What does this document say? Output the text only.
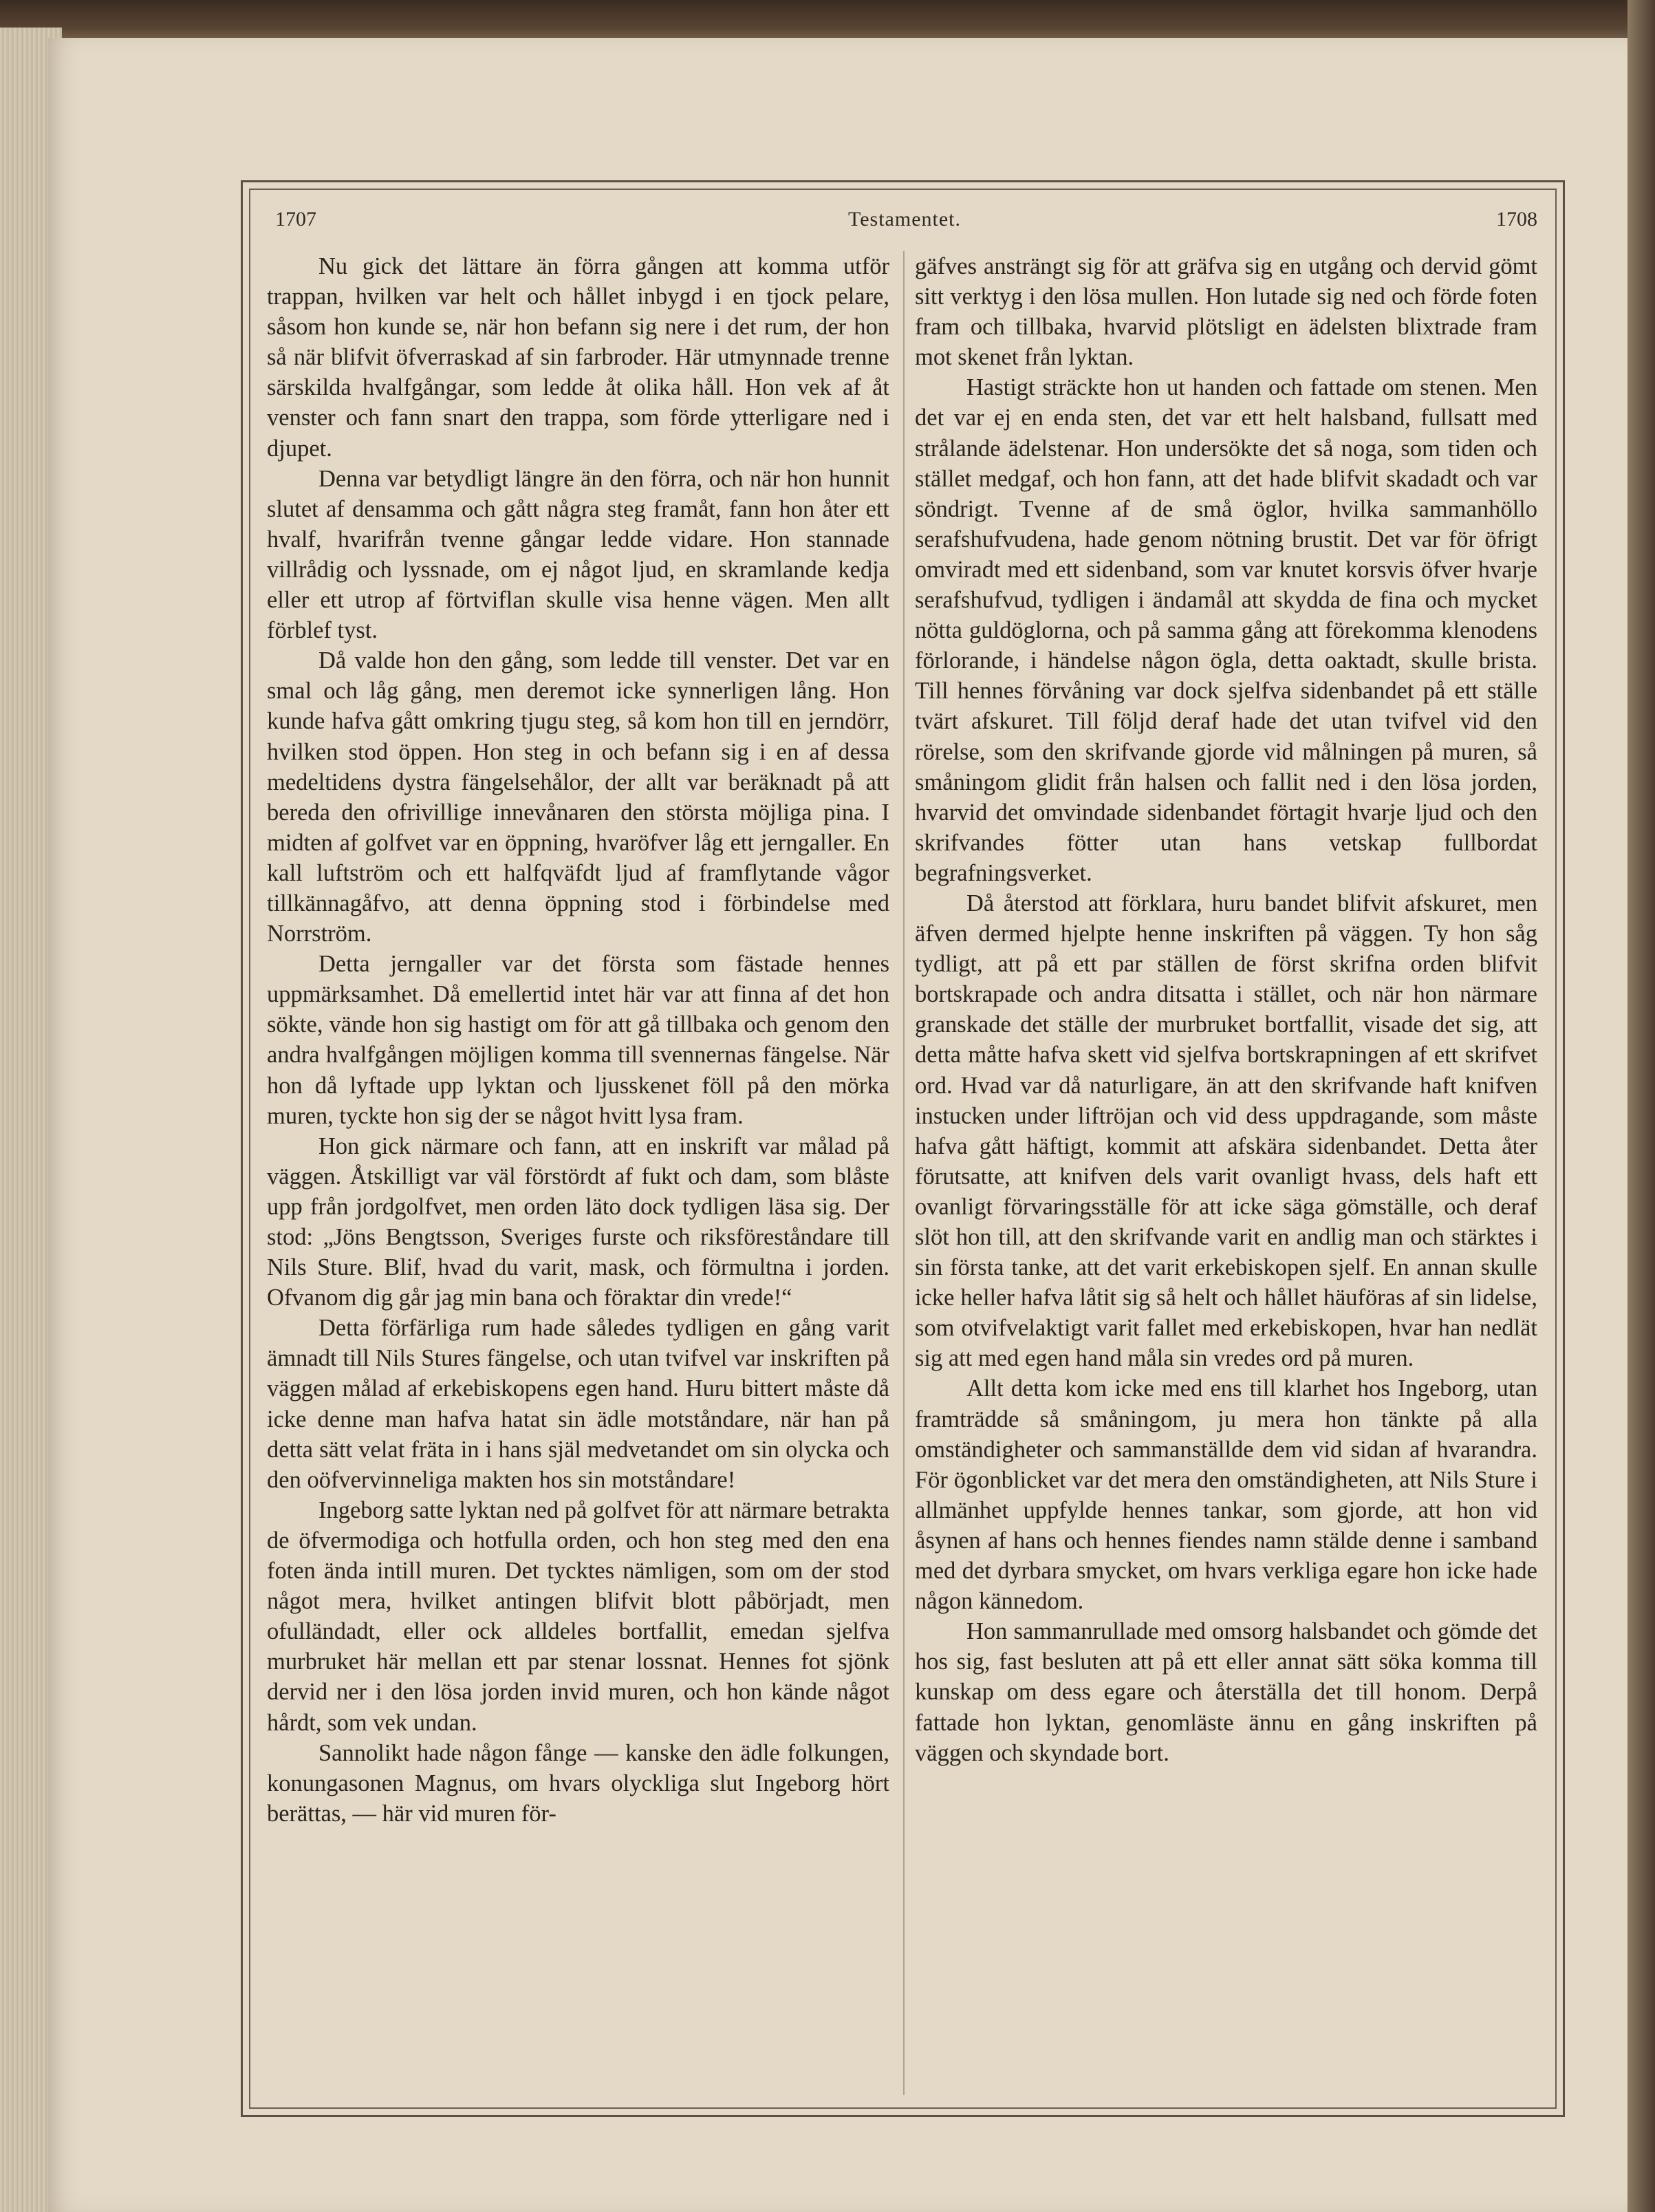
1707	Testamentet.	1708

Nu gick det lättare än förra gången att komma utför trappan, hvilken var helt och hållet inbygd i en tjock pelare, såsom hon kunde se, när hon befann sig nere i det rum, der hon så när blifvit öfverraskad af sin farbroder. Här utmynnade trenne särskilda hvalfgångar, som ledde åt olika håll. Hon vek af åt venster och fann snart den trappa, som förde ytterligare ned i djupet.

Denna var betydligt längre än den förra, och när hon hunnit slutet af densamma och gått några steg framåt, fann hon åter ett hvalf, hvarifrån tvenne gångar ledde vidare. Hon stannade villrådig och lyssnade, om ej något ljud, en skramlande kedja eller ett utrop af förtviflan skulle visa henne vägen. Men allt förblef tyst.

Då valde hon den gång, som ledde till venster. Det var en smal och låg gång, men deremot icke synnerligen lång. Hon kunde hafva gått omkring tjugu steg, så kom hon till en jerndörr, hvilken stod öppen. Hon steg in och befann sig i en af dessa medeltidens dystra fängelsehålor, der allt var beräknadt på att bereda den ofrivillige innevånaren den största möjliga pina. I midten af golfvet var en öppning, hvaröfver låg ett jerngaller. En kall luftström och ett halfqväfdt ljud af framflytande vågor tillkännagåfvo, att denna öppning stod i förbindelse med Norrström.

Detta jerngaller var det första som fästade hennes uppmärksamhet. Då emellertid intet här var att finna af det hon sökte, vände hon sig hastigt om för att gå tillbaka och genom den andra hvalfgången möjligen komma till svennernas fängelse. När hon då lyftade upp lyktan och ljusskenet föll på den mörka muren, tyckte hon sig der se något hvitt lysa fram.

Hon gick närmare och fann, att en inskrift var målad på väggen. Åtskilligt var väl förstördt af fukt och dam, som blåste upp från jordgolfvet, men orden läto dock tydligen läsa sig. Der stod: „Jöns Bengtsson, Sveriges furste och riksföreståndare till Nils Sture. Blif, hvad du varit, mask, och förmultna i jorden. Ofvanom dig går jag min bana och föraktar din vrede!“

Detta förfärliga rum hade således tydligen en gång varit ämnadt till Nils Stures fängelse, och utan tvifvel var inskriften på väggen målad af erkebiskopens egen hand. Huru bittert måste då icke denne man hafva hatat sin ädle motståndare, när han på detta sätt velat fräta in i hans själ medvetandet om sin olycka och den oöfvervinneliga makten hos sin motståndare!

Ingeborg satte lyktan ned på golfvet för att närmare betrakta de öfvermodiga och hotfulla orden, och hon steg med den ena foten ända intill muren. Det tycktes nämligen, som om der stod något mera, hvilket antingen blifvit blott påbörjadt, men ofulländadt, eller ock alldeles bortfallit, emedan sjelfva murbruket här mellan ett par stenar lossnat. Hennes fot sjönk dervid ner i den lösa jorden invid muren, och hon kände något hårdt, som vek undan.

Sannolikt hade någon fånge — kanske den ädle folkungen, konungasonen Magnus, om hvars olyckliga slut Ingeborg hört berättas, — här vid muren för-

gäfves ansträngt sig för att gräfva sig en utgång och dervid gömt sitt verktyg i den lösa mullen. Hon lutade sig ned och förde foten fram och tillbaka, hvarvid plötsligt en ädelsten blixtrade fram mot skenet från lyktan.

Hastigt sträckte hon ut handen och fattade om stenen. Men det var ej en enda sten, det var ett helt halsband, fullsatt med strålande ädelstenar. Hon undersökte det så noga, som tiden och stället medgaf, och hon fann, att det hade blifvit skadadt och var söndrigt. Tvenne af de små öglor, hvilka sammanhöllo serafshufvudena, hade genom nötning brustit. Det var för öfrigt omviradt med ett sidenband, som var knutet korsvis öfver hvarje serafshufvud, tydligen i ändamål att skydda de fina och mycket nötta guldöglorna, och på samma gång att förekomma klenodens förlorande, i händelse någon ögla, detta oaktadt, skulle brista. Till hennes förvåning var dock sjelfva sidenbandet på ett ställe tvärt afskuret. Till följd deraf hade det utan tvifvel vid den rörelse, som den skrifvande gjorde vid målningen på muren, så småningom glidit från halsen och fallit ned i den lösa jorden, hvarvid det omvindade sidenbandet förtagit hvarje ljud och den skrifvandes fötter utan hans vetskap fullbordat begrafningsverket.

Då återstod att förklara, huru bandet blifvit afskuret, men äfven dermed hjelpte henne inskriften på väggen. Ty hon såg tydligt, att på ett par ställen de först skrifna orden blifvit bortskrapade och andra ditsatta i stället, och när hon närmare granskade det ställe der murbruket bortfallit, visade det sig, att detta måtte hafva skett vid sjelfva bortskrapningen af ett skrifvet ord. Hvad var då naturligare, än att den skrifvande haft knifven instucken under liftröjan och vid dess uppdragande, som måste hafva gått häftigt, kommit att afskära sidenbandet. Detta åter förutsatte, att knifven dels varit ovanligt hvass, dels haft ett ovanligt förvaringsställe för att icke säga gömställe, och deraf slöt hon till, att den skrifvande varit en andlig man och stärktes i sin första tanke, att det varit erkebiskopen sjelf. En annan skulle icke heller hafva låtit sig så helt och hållet häuföras af sin lidelse, som otvifvelaktigt varit fallet med erkebiskopen, hvar han nedlät sig att med egen hand måla sin vredes ord på muren.

Allt detta kom icke med ens till klarhet hos Ingeborg, utan framträdde så småningom, ju mera hon tänkte på alla omständigheter och sammanställde dem vid sidan af hvarandra. För ögonblicket var det mera den omständigheten, att Nils Sture i allmänhet uppfylde hennes tankar, som gjorde, att hon vid åsynen af hans och hennes fiendes namn stälde denne i samband med det dyrbara smycket, om hvars verkliga egare hon icke hade någon kännedom.

Hon sammanrullade med omsorg halsbandet och gömde det hos sig, fast besluten att på ett eller annat sätt söka komma till kunskap om dess egare och återställa det till honom. Derpå fattade hon lyktan, genomläste ännu en gång inskriften på väggen och skyndade bort.
